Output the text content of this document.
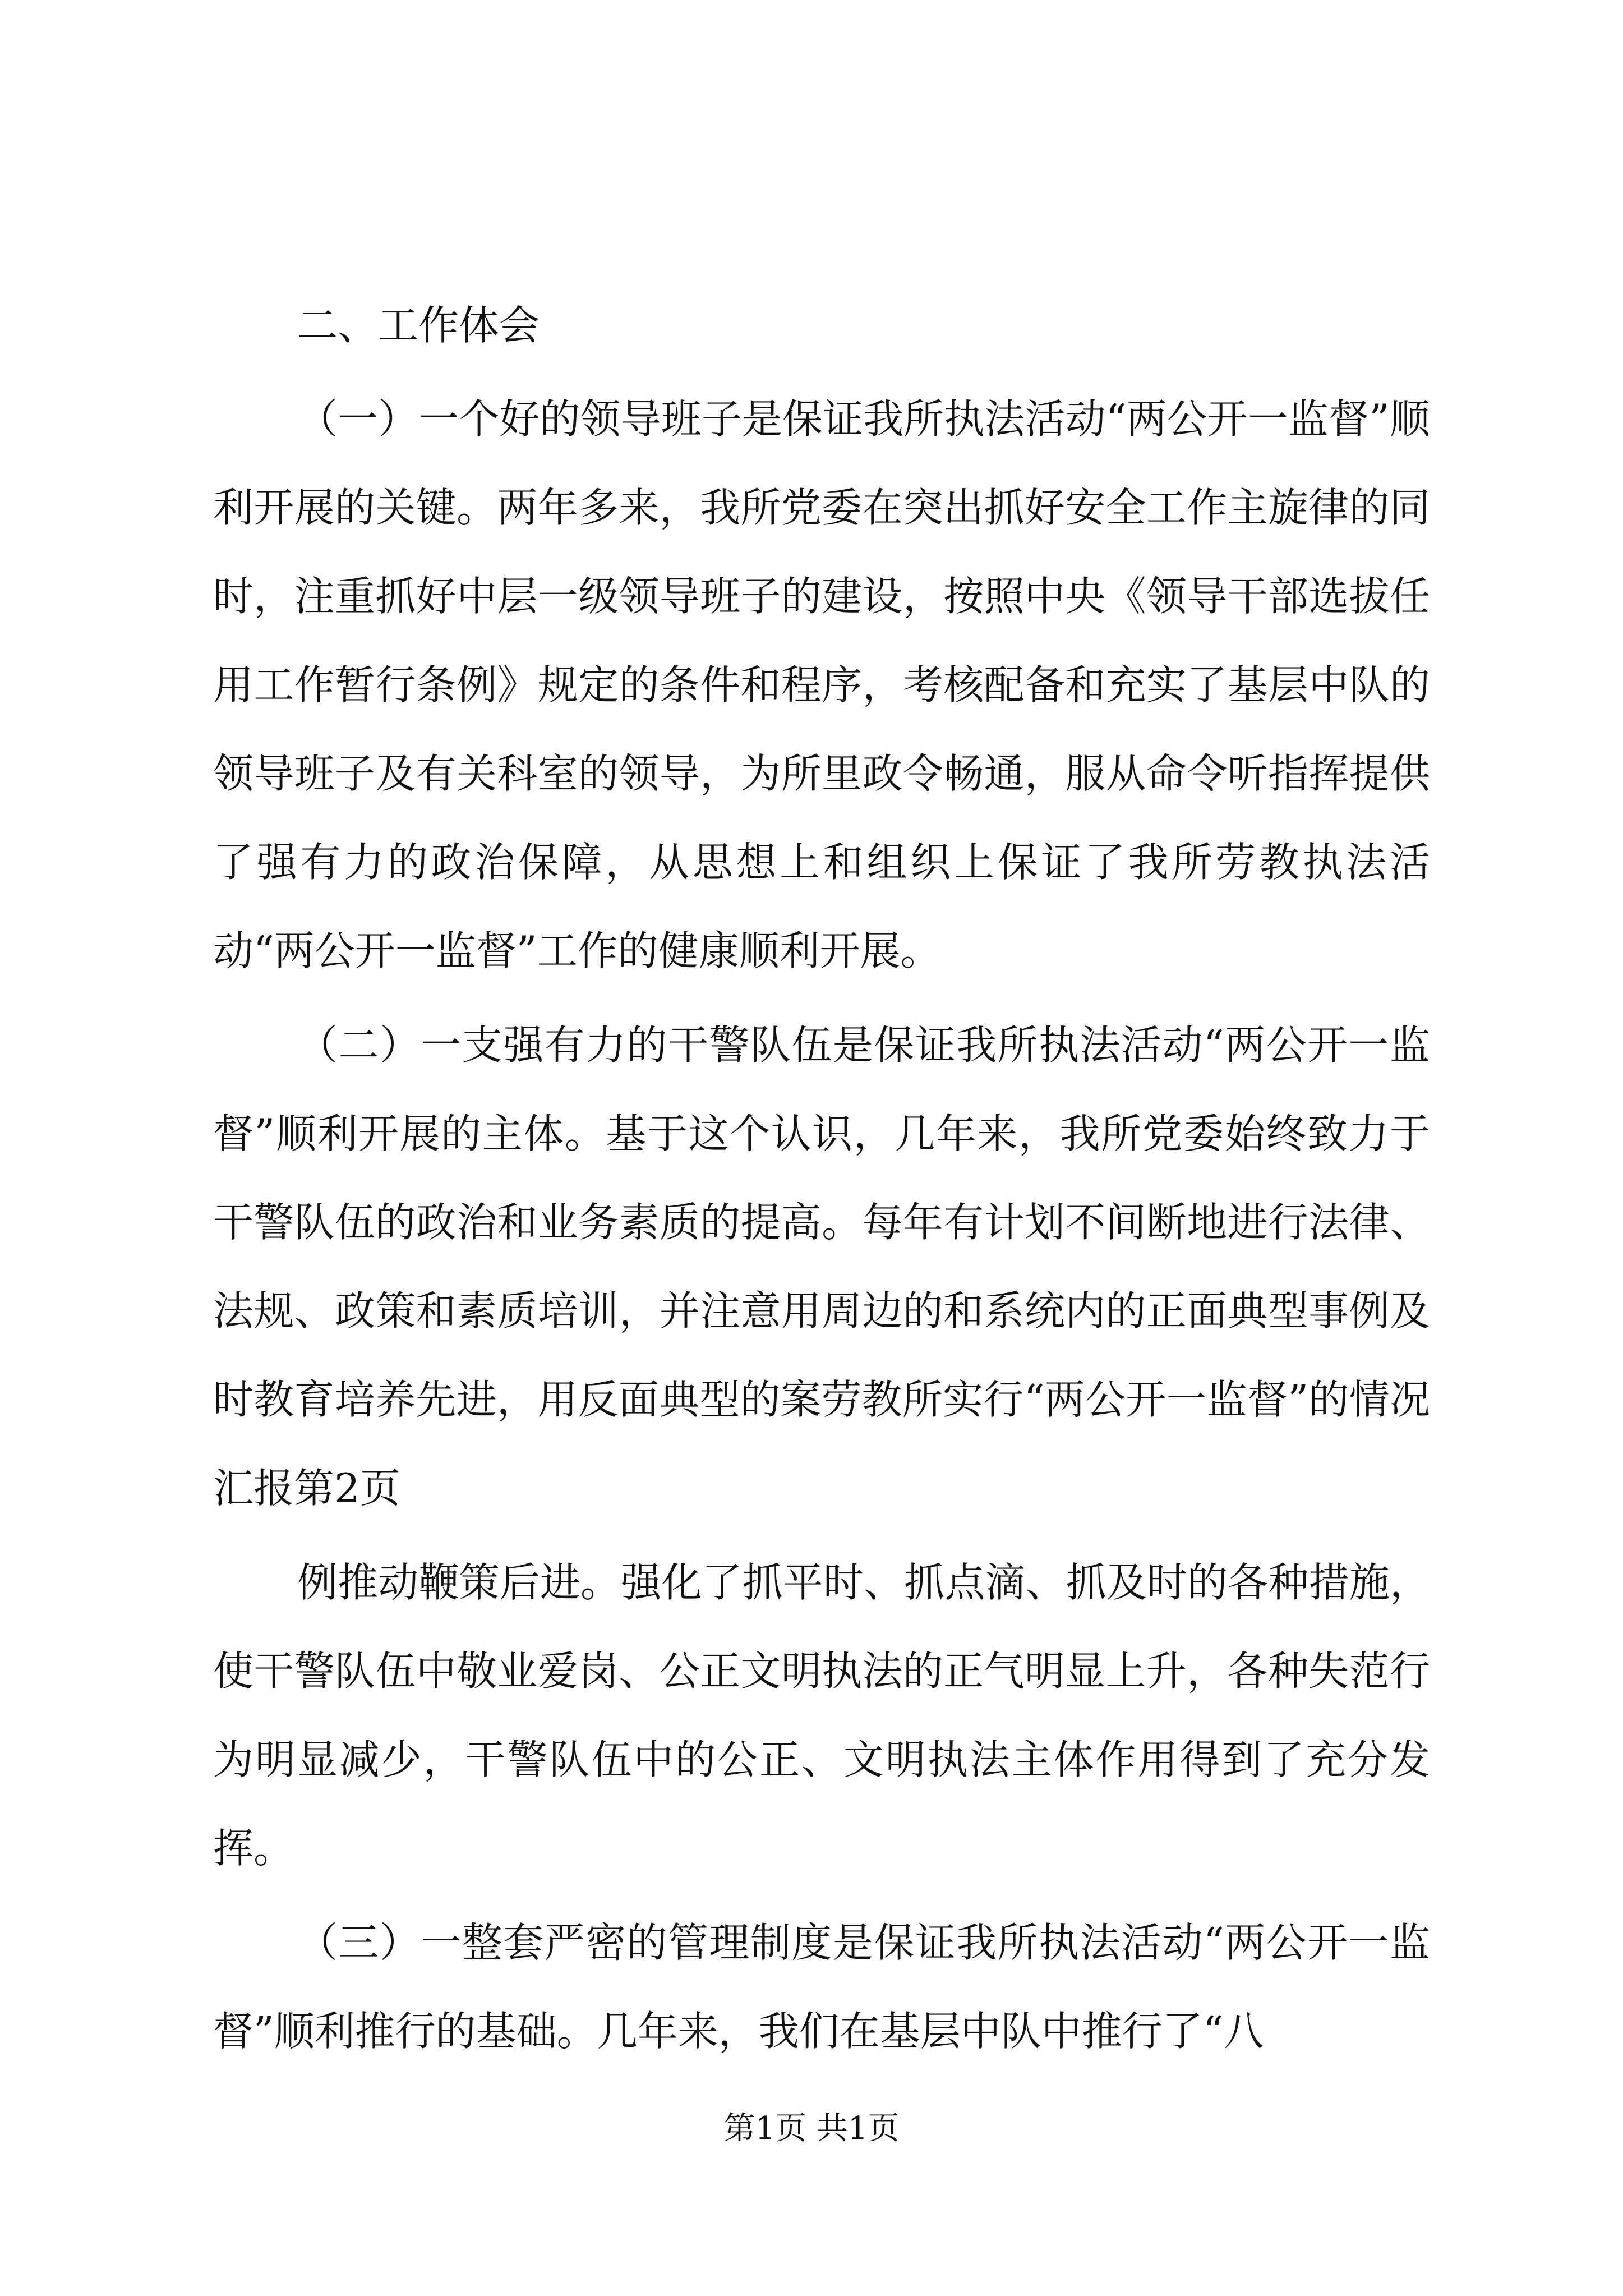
二、工作体会

（一）一个好的领导班子是保证我所执法活动“两公开一监督”顺利开展的关键。两年多来，我所党委在突出抓好安全工作主旋律的同时，注重抓好中层一级领导班子的建设，按照中央《领导干部选拔任用工作暂行条例》规定的条件和程序，考核配备和充实了基层中队的领导班子及有关科室的领导，为所里政令畅通，服从命令听指挥提供了强有力的政治保障，从思想上和组织上保证了我所劳教执法活动“两公开一监督”工作的健康顺利开展。

（二）一支强有力的干警队伍是保证我所执法活动“两公开一监督”顺利开展的主体。基于这个认识，几年来，我所党委始终致力于干警队伍的政治和业务素质的提高。每年有计划不间断地进行法律、法规、政策和素质培训，并注意用周边的和系统内的正面典型事例及时教育培养先进，用反面典型的案劳教所实行“两公开一监督”的情况汇报第2页

例推动鞭策后进。强化了抓平时、抓点滴、抓及时的各种措施，使干警队伍中敬业爱岗、公正文明执法的正气明显上升，各种失范行为明显减少，干警队伍中的公正、文明执法主体作用得到了充分发挥。

（三）一整套严密的管理制度是保证我所执法活动“两公开一监督”顺利推行的基础。几年来，我们在基层中队中推行了“八

第1页 共1页
